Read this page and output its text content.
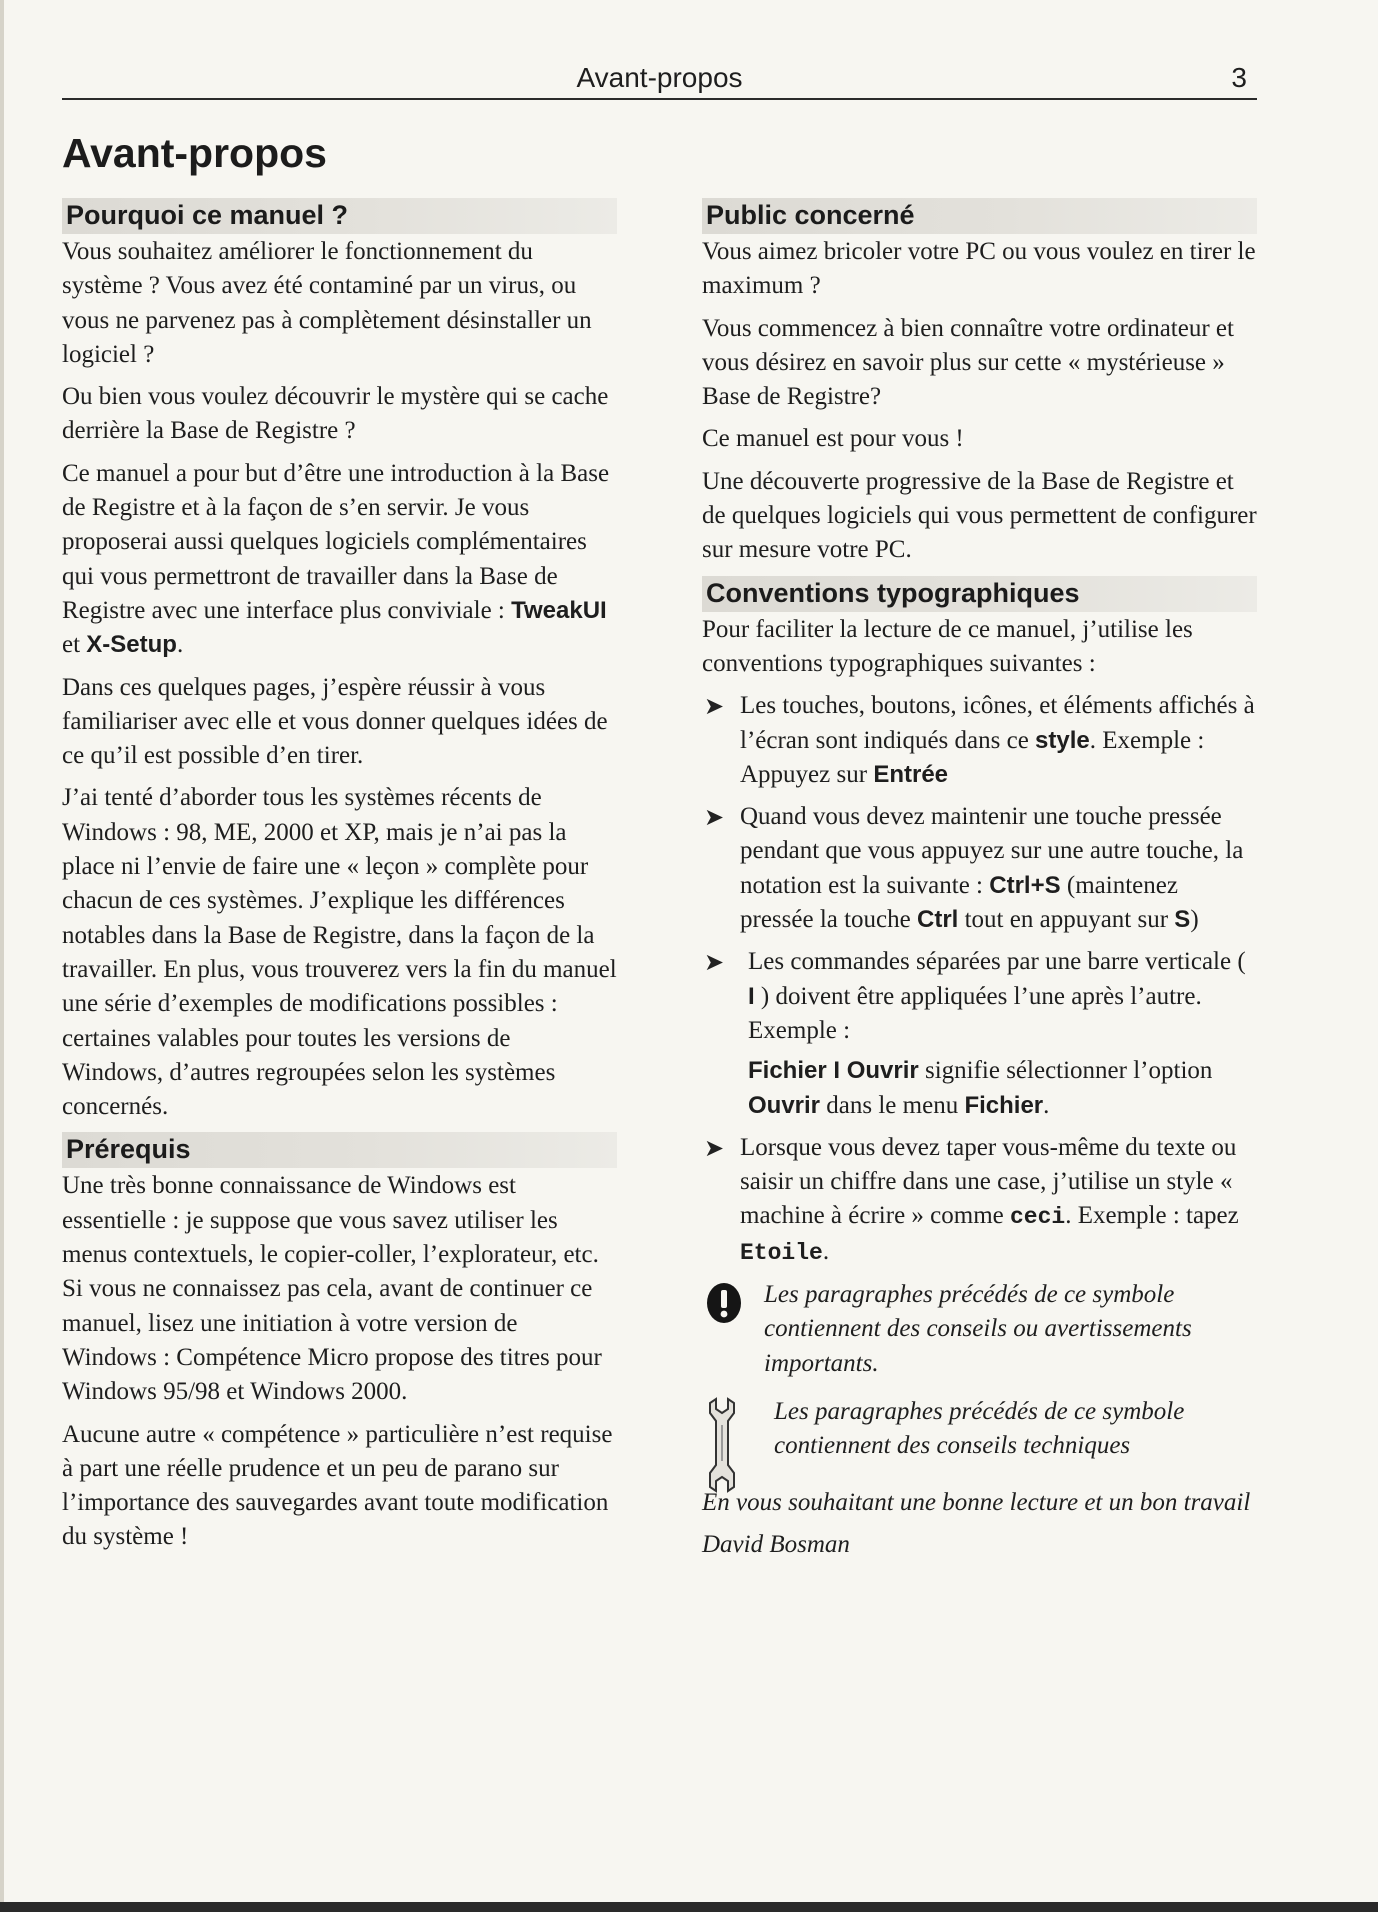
Avant-propos	3
Avant-propos
Pourquoi ce manuel ?

Vous souhaitez améliorer le fonctionnement du système ? Vous avez été contaminé par un virus, ou vous ne parvenez pas à complètement désinstaller un logiciel ?

Ou bien vous voulez découvrir le mystère qui se cache derrière la Base de Registre ?

Ce manuel a pour but d’être une introduction à la Base de Registre et à la façon de s’en servir. Je vous proposerai aussi quelques logiciels complémentaires qui vous permettront de travailler dans la Base de Registre avec une interface plus conviviale : TweakUI et X-Setup.

Dans ces quelques pages, j’espère réussir à vous familiariser avec elle et vous donner quelques idées de ce qu’il est possible d’en tirer.

J’ai tenté d’aborder tous les systèmes récents de Windows : 98, ME, 2000 et XP, mais je n’ai pas la place ni l’envie de faire une « leçon » complète pour chacun de ces systèmes. J’explique les différences notables dans la Base de Registre, dans la façon de la travailler. En plus, vous trouverez vers la fin du manuel une série d’exemples de modifications possibles : certaines valables pour toutes les versions de Windows, d’autres regroupées selon les systèmes concernés.

Prérequis

Une très bonne connaissance de Windows est essentielle : je suppose que vous savez utiliser les menus contextuels, le copier-coller, l’explorateur, etc.

Si vous ne connaissez pas cela, avant de continuer ce manuel, lisez une initiation à votre version de Windows : Compétence Micro propose des titres pour Windows 95/98 et Windows 2000.

Aucune autre « compétence » particulière n’est requise à part une réelle prudence et un peu de parano sur l’importance des sauvegardes avant toute modification du système !

Public concerné

Vous aimez bricoler votre PC ou vous voulez en tirer le maximum ?

Vous commencez à bien connaître votre ordinateur et vous désirez en savoir plus sur cette « mystérieuse » Base de Registre?

Ce manuel est pour vous !

Une découverte progressive de la Base de Registre et de quelques logiciels qui vous permettent de configurer sur mesure votre PC.

Conventions typographiques

Pour faciliter la lecture de ce manuel, j’utilise les conventions typographiques suivantes :

➤ Les touches, boutons, icônes, et éléments affichés à l’écran sont indiqués dans ce style. Exemple : Appuyez sur Entrée
➤ Quand vous devez maintenir une touche pressée pendant que vous appuyez sur une autre touche, la notation est la suivante : Ctrl+S (maintenez pressée la touche Ctrl tout en appuyant sur S)
➤ Les commandes séparées par une barre verticale ( I ) doivent être appliquées l’une après l’autre. Exemple :
Fichier I Ouvrir signifie sélectionner l’option Ouvrir dans le menu Fichier.
➤ Lorsque vous devez taper vous-même du texte ou saisir un chiffre dans une case, j’utilise un style « machine à écrire » comme ceci. Exemple : tapez Etoile.
Les paragraphes précédés de ce symbole contiennent des conseils ou avertissements importants.
Les paragraphes précédés de ce symbole contiennent des conseils techniques

En vous souhaitant une bonne lecture et un bon travail

David Bosman
